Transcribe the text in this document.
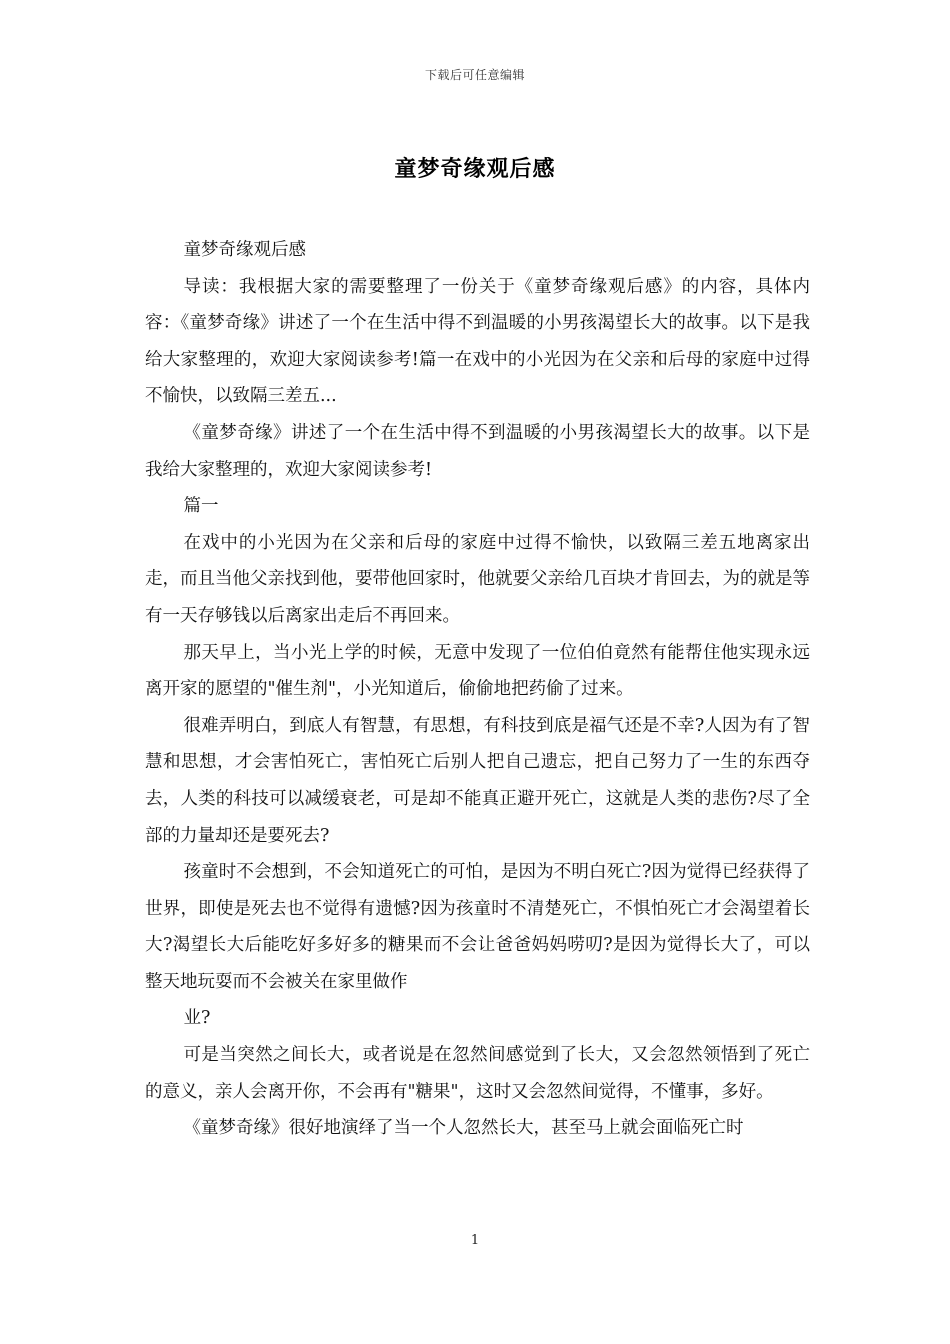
下载后可任意编辑
童梦奇缘观后感

童梦奇缘观后感

导读：我根据大家的需要整理了一份关于《童梦奇缘观后感》的内容，具体内容：《童梦奇缘》讲述了一个在生活中得不到温暖的小男孩渴望长大的故事。以下是我给大家整理的，欢迎大家阅读参考!篇一在戏中的小光因为在父亲和后母的家庭中过得不愉快，以致隔三差五...

《童梦奇缘》讲述了一个在生活中得不到温暖的小男孩渴望长大的故事。以下是我给大家整理的，欢迎大家阅读参考!

篇一

在戏中的小光因为在父亲和后母的家庭中过得不愉快，以致隔三差五地离家出走，而且当他父亲找到他，要带他回家时，他就要父亲给几百块才肯回去，为的就是等有一天存够钱以后离家出走后不再回来。

那天早上，当小光上学的时候，无意中发现了一位伯伯竟然有能帮住他实现永远离开家的愿望的"催生剂"，小光知道后，偷偷地把药偷了过来。

很难弄明白，到底人有智慧，有思想，有科技到底是福气还是不幸?人因为有了智慧和思想，才会害怕死亡，害怕死亡后别人把自己遗忘，把自己努力了一生的东西夺去，人类的科技可以减缓衰老，可是却不能真正避开死亡，这就是人类的悲伤?尽了全部的力量却还是要死去?

孩童时不会想到，不会知道死亡的可怕，是因为不明白死亡?因为觉得已经获得了世界，即使是死去也不觉得有遗憾?因为孩童时不清楚死亡，不惧怕死亡才会渴望着长大?渴望长大后能吃好多好多的糖果而不会让爸爸妈妈唠叨?是因为觉得长大了，可以整天地玩耍而不会被关在家里做作

业?

可是当突然之间长大，或者说是在忽然间感觉到了长大，又会忽然领悟到了死亡的意义，亲人会离开你，不会再有"糖果"，这时又会忽然间觉得，不懂事，多好。

《童梦奇缘》很好地演绎了当一个人忽然长大，甚至马上就会面临死亡时

1
